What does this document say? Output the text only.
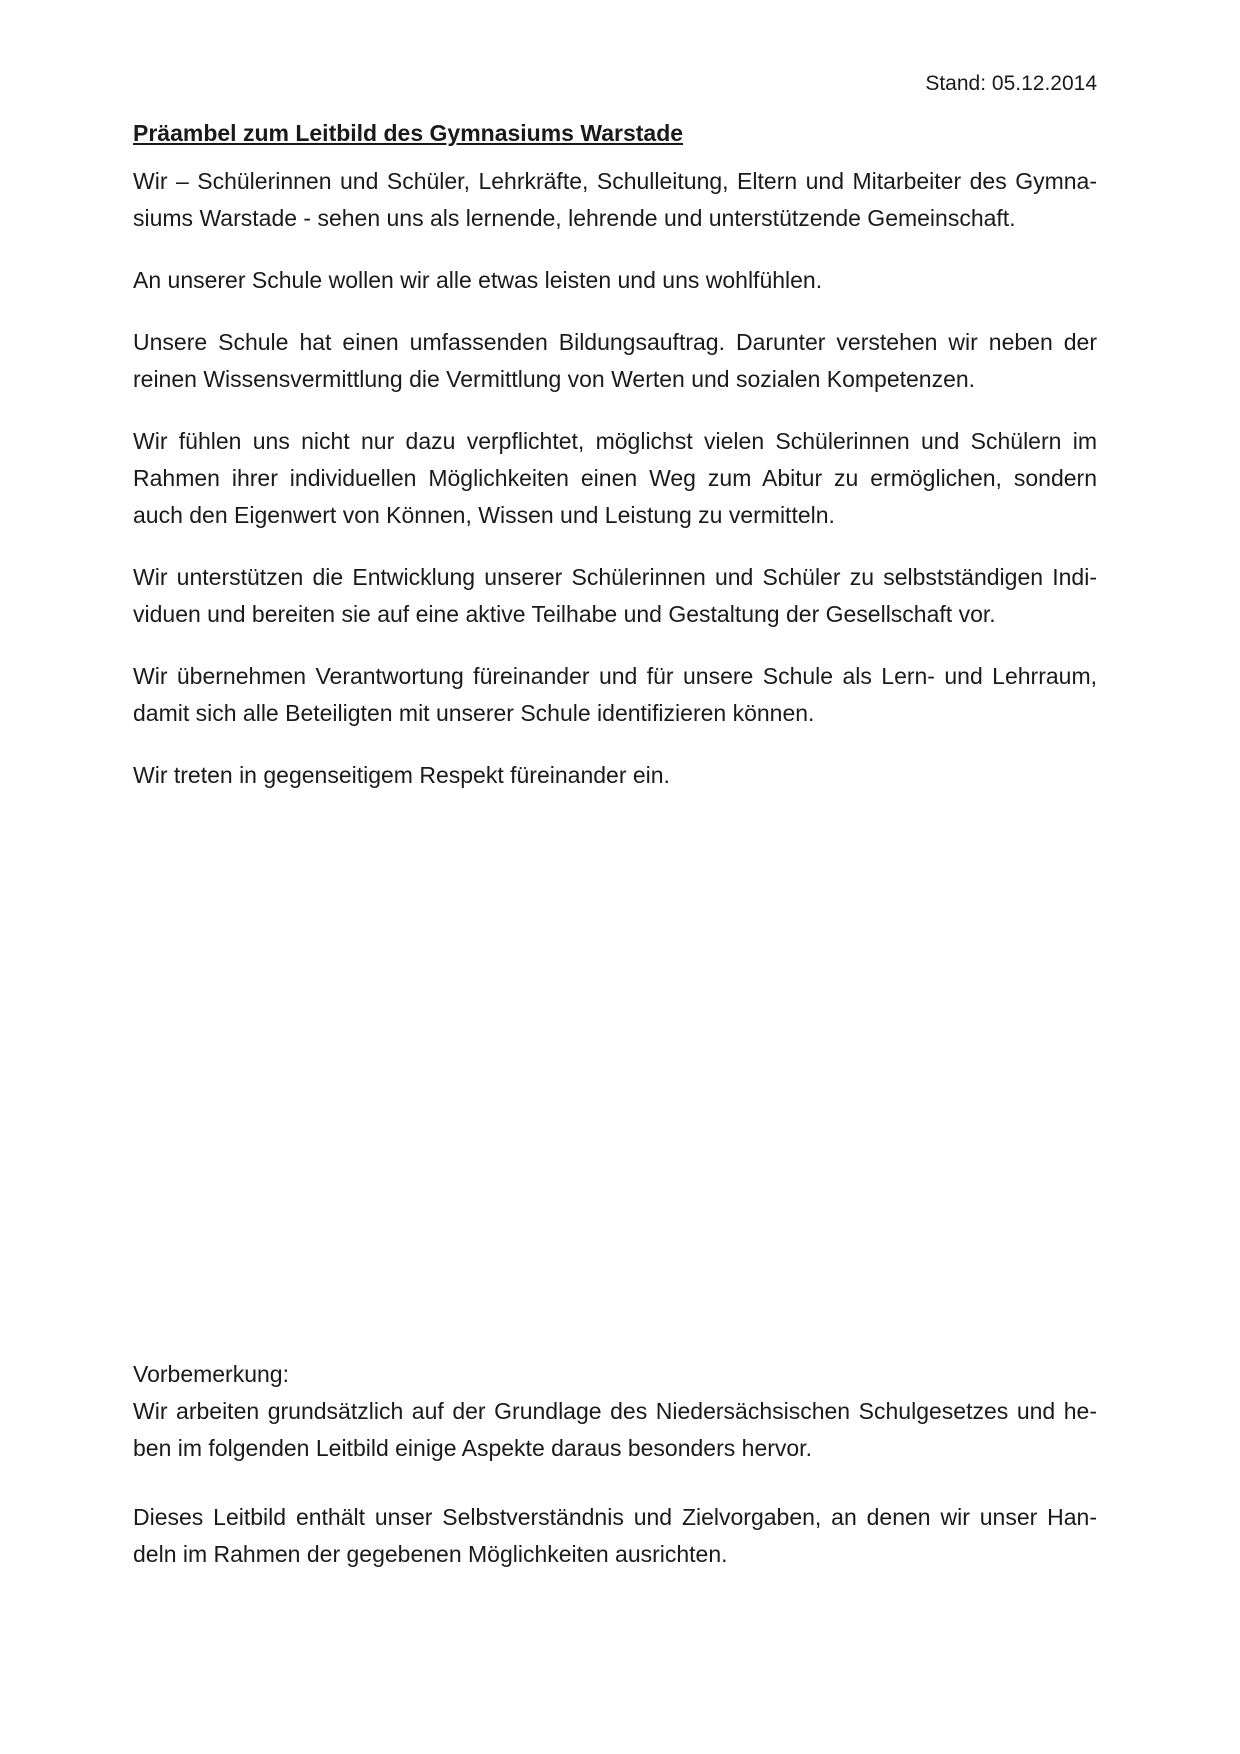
Stand: 05.12.2014
Präambel zum Leitbild des Gymnasiums Warstade
Wir – Schülerinnen und Schüler, Lehrkräfte, Schulleitung, Eltern und Mitarbeiter des Gymna-
siums Warstade - sehen uns als lernende, lehrende und unterstützende Gemeinschaft.
An unserer Schule wollen wir alle etwas leisten und uns wohlfühlen.
Unsere Schule hat einen umfassenden Bildungsauftrag. Darunter verstehen wir neben der
reinen Wissensvermittlung die Vermittlung von Werten und sozialen Kompetenzen.
Wir fühlen uns nicht nur dazu verpflichtet, möglichst vielen Schülerinnen und Schülern im
Rahmen ihrer individuellen Möglichkeiten einen Weg zum Abitur zu ermöglichen, sondern
auch den Eigenwert von Können, Wissen und Leistung zu vermitteln.
Wir unterstützen die Entwicklung unserer Schülerinnen und Schüler zu selbstständigen Indi-
viduen und bereiten sie auf eine aktive Teilhabe und Gestaltung der Gesellschaft vor.
Wir übernehmen Verantwortung füreinander und für unsere Schule als Lern- und Lehrraum,
damit sich alle Beteiligten mit unserer Schule identifizieren können.
Wir treten in gegenseitigem Respekt füreinander ein.
Vorbemerkung:
Wir arbeiten grundsätzlich auf der Grundlage des Niedersächsischen Schulgesetzes und he-
ben im folgenden Leitbild einige Aspekte daraus besonders hervor.
Dieses Leitbild enthält unser Selbstverständnis und Zielvorgaben, an denen wir unser Han-
deln im Rahmen der gegebenen Möglichkeiten ausrichten.
